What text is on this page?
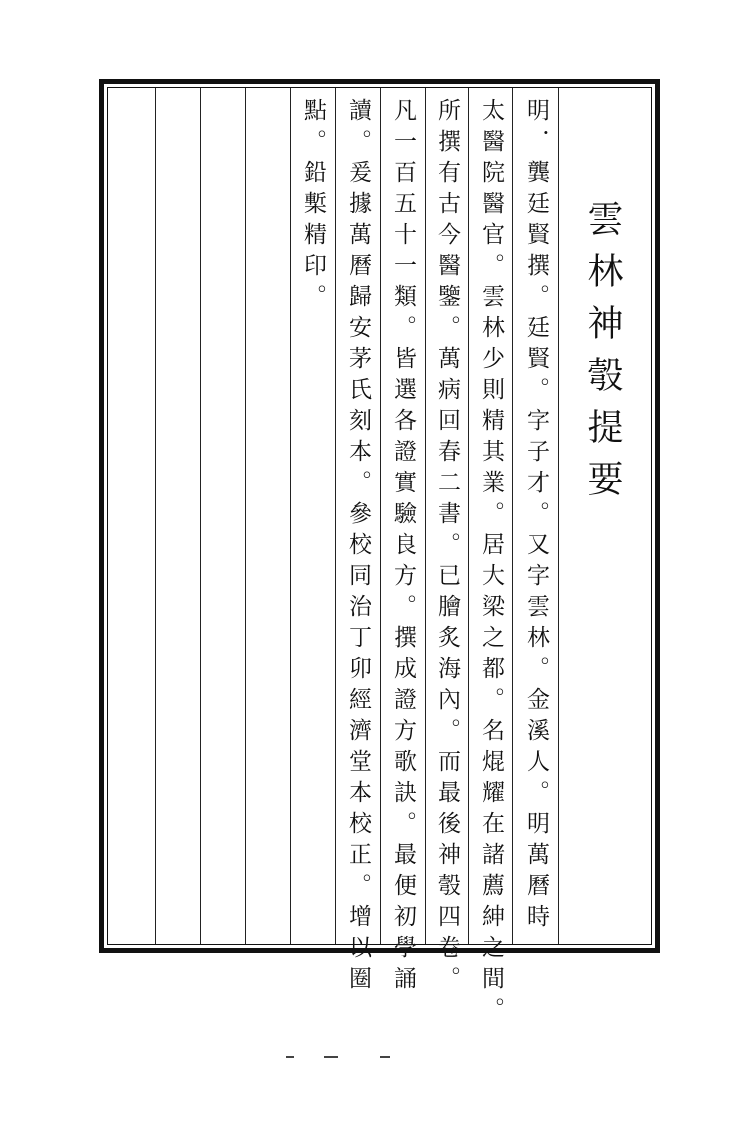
雲林神彀提要
明．龔廷賢撰。廷賢。字子才。又字雲林。金溪人。明萬曆時
太醫院醫官。雲林少則精其業。居大梁之都。名焜耀在諸薦紳之間。
所撰有古今醫鑒。萬病回春二書。已膾炙海內。而最後神彀四卷。
凡一百五十一類。皆選各證實驗良方。撰成證方歌訣。最便初學誦
讀。爰據萬曆歸安茅氏刻本。參校同治丁卯經濟堂本校正。增以圈
點。鉛槧精印。
